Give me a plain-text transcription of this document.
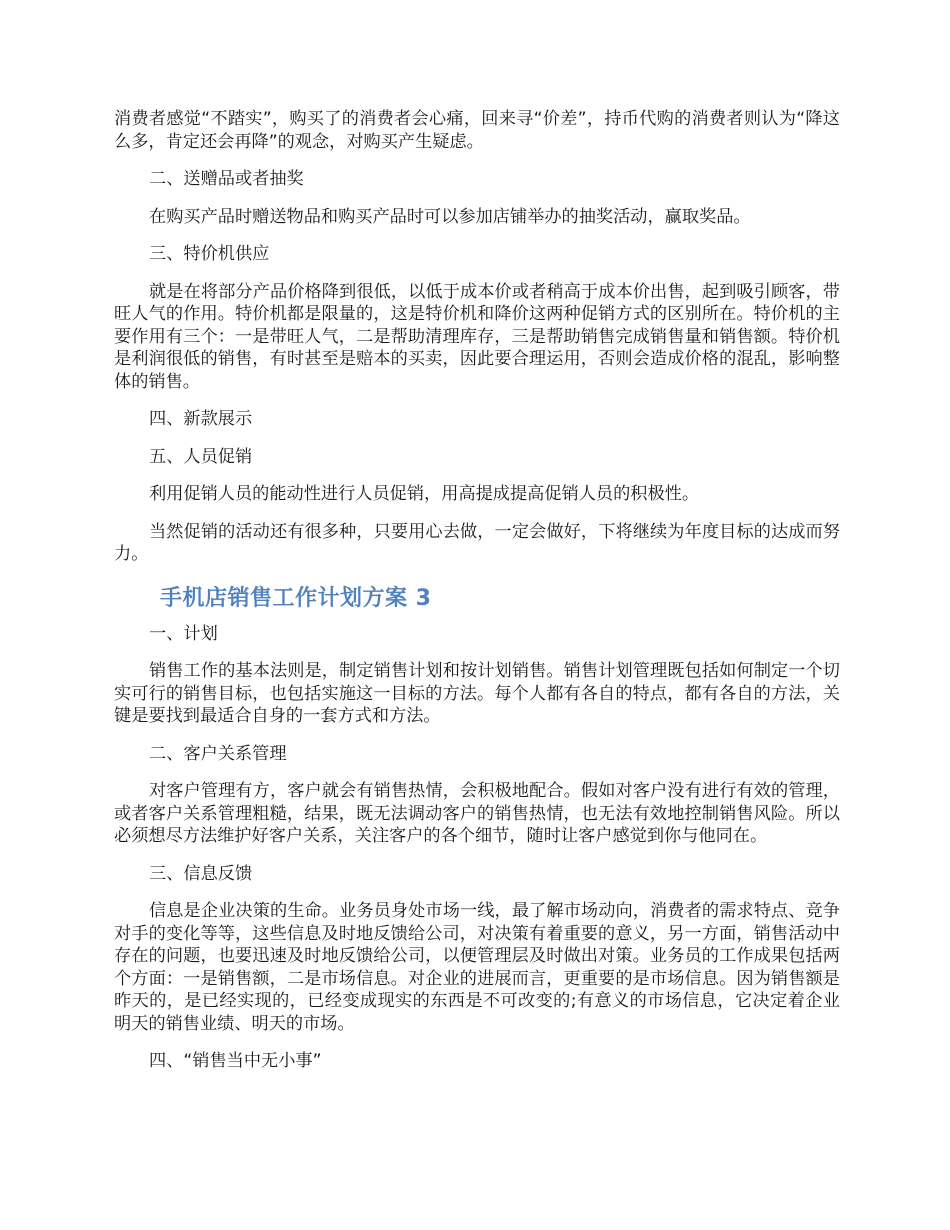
消费者感觉“不踏实”，购买了的消费者会心痛，回来寻“价差”，持币代购的消费者则认为“降这么多，肯定还会再降”的观念，对购买产生疑虑。

二、送赠品或者抽奖

在购买产品时赠送物品和购买产品时可以参加店铺举办的抽奖活动，赢取奖品。

三、特价机供应

就是在将部分产品价格降到很低，以低于成本价或者稍高于成本价出售，起到吸引顾客，带旺人气的作用。特价机都是限量的，这是特价机和降价这两种促销方式的区别所在。特价机的主要作用有三个：一是带旺人气，二是帮助清理库存，三是帮助销售完成销售量和销售额。特价机是利润很低的销售，有时甚至是赔本的买卖，因此要合理运用，否则会造成价格的混乱，影响整体的销售。

四、新款展示

五、人员促销

利用促销人员的能动性进行人员促销，用高提成提高促销人员的积极性。

当然促销的活动还有很多种，只要用心去做，一定会做好，下将继续为年度目标的达成而努力。

手机店销售工作计划方案 3

一、计划

销售工作的基本法则是，制定销售计划和按计划销售。销售计划管理既包括如何制定一个切实可行的销售目标，也包括实施这一目标的方法。每个人都有各自的特点，都有各自的方法，关键是要找到最适合自身的一套方式和方法。

二、客户关系管理

对客户管理有方，客户就会有销售热情，会积极地配合。假如对客户没有进行有效的管理，或者客户关系管理粗糙，结果，既无法调动客户的销售热情，也无法有效地控制销售风险。所以必须想尽方法维护好客户关系，关注客户的各个细节，随时让客户感觉到你与他同在。

三、信息反馈

信息是企业决策的生命。业务员身处市场一线，最了解市场动向，消费者的需求特点、竞争对手的变化等等，这些信息及时地反馈给公司，对决策有着重要的意义，另一方面，销售活动中存在的问题，也要迅速及时地反馈给公司，以便管理层及时做出对策。业务员的工作成果包括两个方面：一是销售额，二是市场信息。对企业的进展而言，更重要的是市场信息。因为销售额是昨天的，是已经实现的，已经变成现实的东西是不可改变的;有意义的市场信息，它决定着企业明天的销售业绩、明天的市场。

四、“销售当中无小事”
